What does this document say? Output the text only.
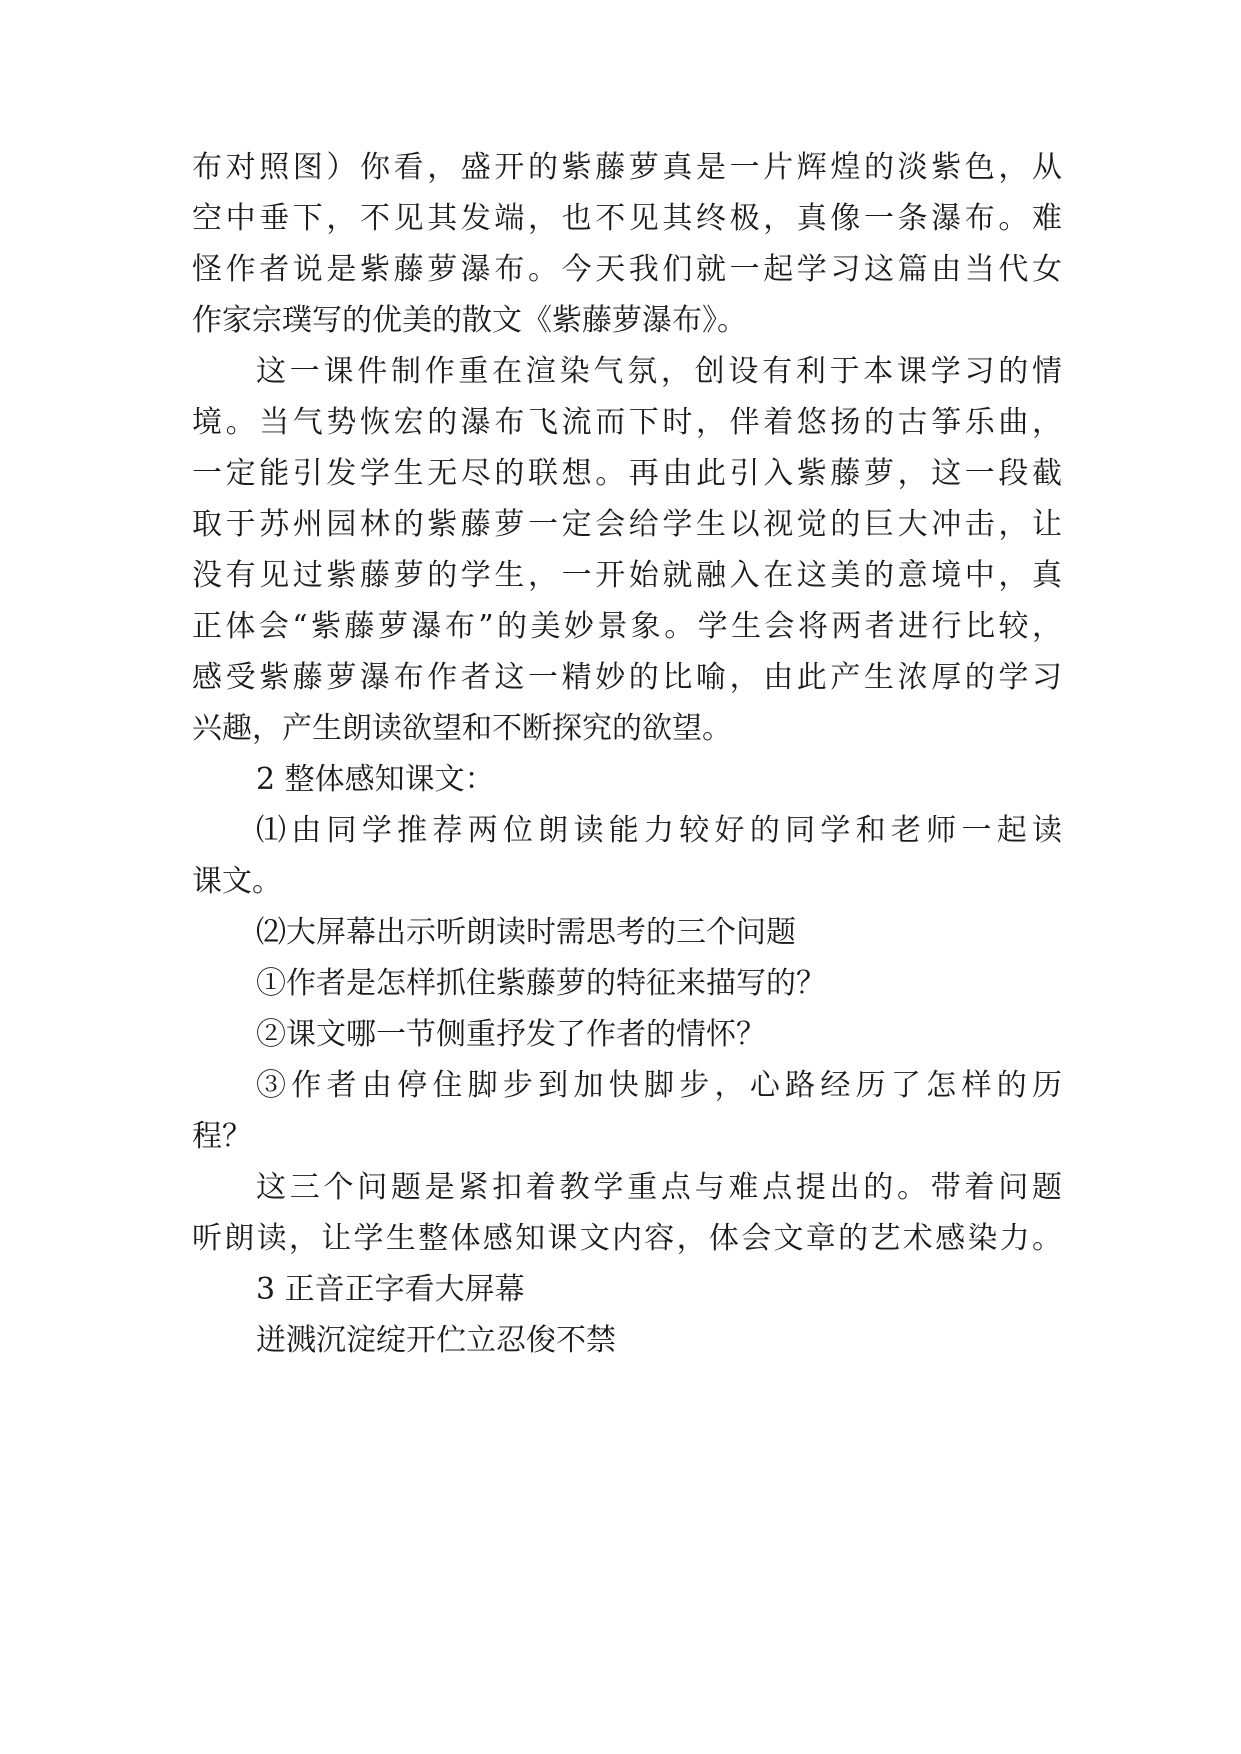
布对照图）你看，盛开的紫藤萝真是一片辉煌的淡紫色，从

空中垂下，不见其发端，也不见其终极，真像一条瀑布。难

怪作者说是紫藤萝瀑布。今天我们就一起学习这篇由当代女

作家宗璞写的优美的散文《紫藤萝瀑布》。

这一课件制作重在渲染气氛，创设有利于本课学习的情

境。当气势恢宏的瀑布飞流而下时，伴着悠扬的古筝乐曲，

一定能引发学生无尽的联想。再由此引入紫藤萝，这一段截

取于苏州园林的紫藤萝一定会给学生以视觉的巨大冲击，让

没有见过紫藤萝的学生，一开始就融入在这美的意境中，真

正体会“紫藤萝瀑布”的美妙景象。学生会将两者进行比较，

感受紫藤萝瀑布作者这一精妙的比喻，由此产生浓厚的学习

兴趣，产生朗读欲望和不断探究的欲望。

2 整体感知课文：

⑴由同学推荐两位朗读能力较好的同学和老师一起读

课文。

⑵大屏幕出示听朗读时需思考的三个问题

①作者是怎样抓住紫藤萝的特征来描写的？

②课文哪一节侧重抒发了作者的情怀？

③作者由停住脚步到加快脚步，心路经历了怎样的历

程？

这三个问题是紧扣着教学重点与难点提出的。带着问题

听朗读，让学生整体感知课文内容，体会文章的艺术感染力。

3 正音正字看大屏幕

迸溅沉淀绽开伫立忍俊不禁
